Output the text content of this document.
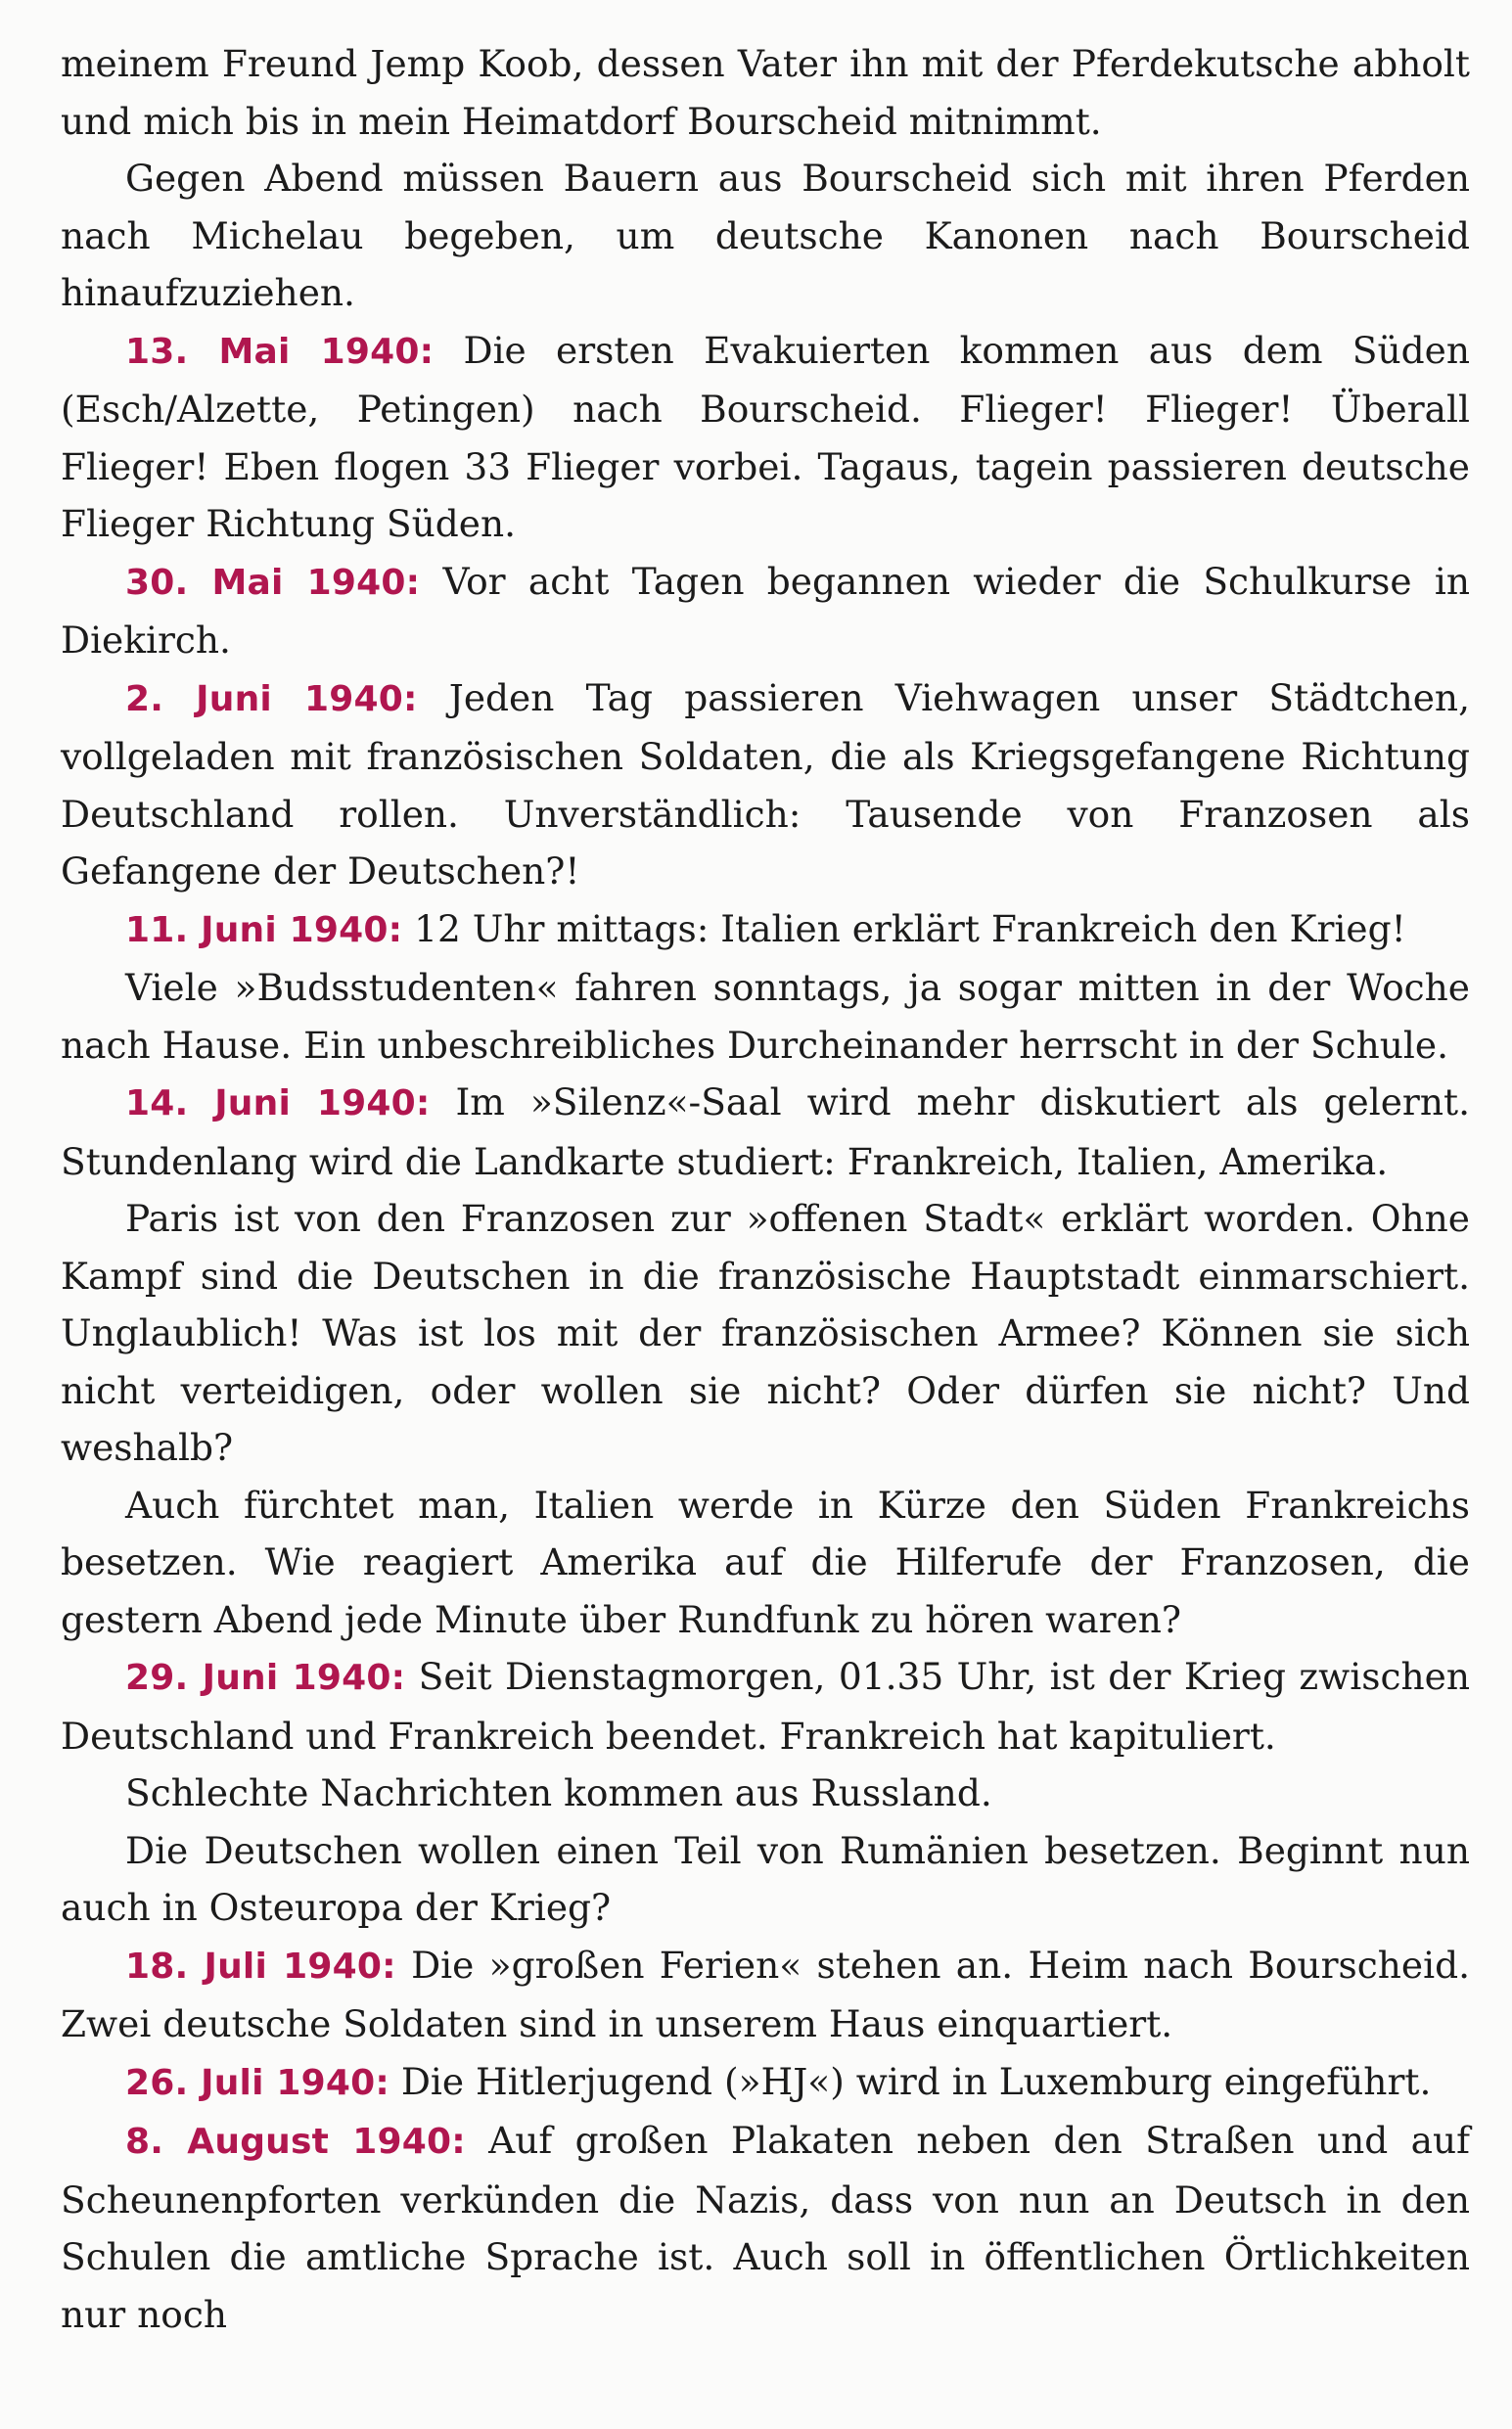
meinem Freund Jemp Koob, dessen Vater ihn mit der Pferdekutsche abholt und mich bis in mein Heimatdorf Bourscheid mitnimmt.

Gegen Abend müssen Bauern aus Bourscheid sich mit ihren Pferden nach Michelau begeben, um deutsche Kanonen nach Bourscheid hinaufzuziehen.

13. Mai 1940: Die ersten Evakuierten kommen aus dem Süden (Esch/Alzette, Petingen) nach Bourscheid. Flieger! Flieger! Überall Flieger! Eben flogen 33 Flieger vorbei. Tagaus, tagein passieren deutsche Flieger Richtung Süden.

30. Mai 1940: Vor acht Tagen begannen wieder die Schulkurse in Diekirch.

2. Juni 1940: Jeden Tag passieren Viehwagen unser Städtchen, vollgeladen mit französischen Soldaten, die als Kriegsgefangene Richtung Deutschland rollen. Unverständlich: Tausende von Franzosen als Gefangene der Deutschen?!

11. Juni 1940: 12 Uhr mittags: Italien erklärt Frankreich den Krieg!

Viele »Budsstudenten« fahren sonntags, ja sogar mitten in der Woche nach Hause. Ein unbeschreibliches Durcheinander herrscht in der Schule.

14. Juni 1940: Im »Silenz«-Saal wird mehr diskutiert als gelernt. Stundenlang wird die Landkarte studiert: Frankreich, Italien, Amerika.

Paris ist von den Franzosen zur »offenen Stadt« erklärt worden. Ohne Kampf sind die Deutschen in die französische Hauptstadt einmarschiert. Unglaublich! Was ist los mit der französischen Armee? Können sie sich nicht verteidigen, oder wollen sie nicht? Oder dürfen sie nicht? Und weshalb?

Auch fürchtet man, Italien werde in Kürze den Süden Frankreichs besetzen. Wie reagiert Amerika auf die Hilferufe der Franzosen, die gestern Abend jede Minute über Rundfunk zu hören waren?

29. Juni 1940: Seit Dienstagmorgen, 01.35 Uhr, ist der Krieg zwischen Deutschland und Frankreich beendet. Frankreich hat kapituliert.

Schlechte Nachrichten kommen aus Russland.

Die Deutschen wollen einen Teil von Rumänien besetzen. Beginnt nun auch in Osteuropa der Krieg?

18. Juli 1940: Die »großen Ferien« stehen an. Heim nach Bourscheid. Zwei deutsche Soldaten sind in unserem Haus einquartiert.

26. Juli 1940: Die Hitlerjugend (»HJ«) wird in Luxemburg eingeführt.

8. August 1940: Auf großen Plakaten neben den Straßen und auf Scheunenpforten verkünden die Nazis, dass von nun an Deutsch in den Schulen die amtliche Sprache ist. Auch soll in öffentlichen Örtlichkeiten nur noch
